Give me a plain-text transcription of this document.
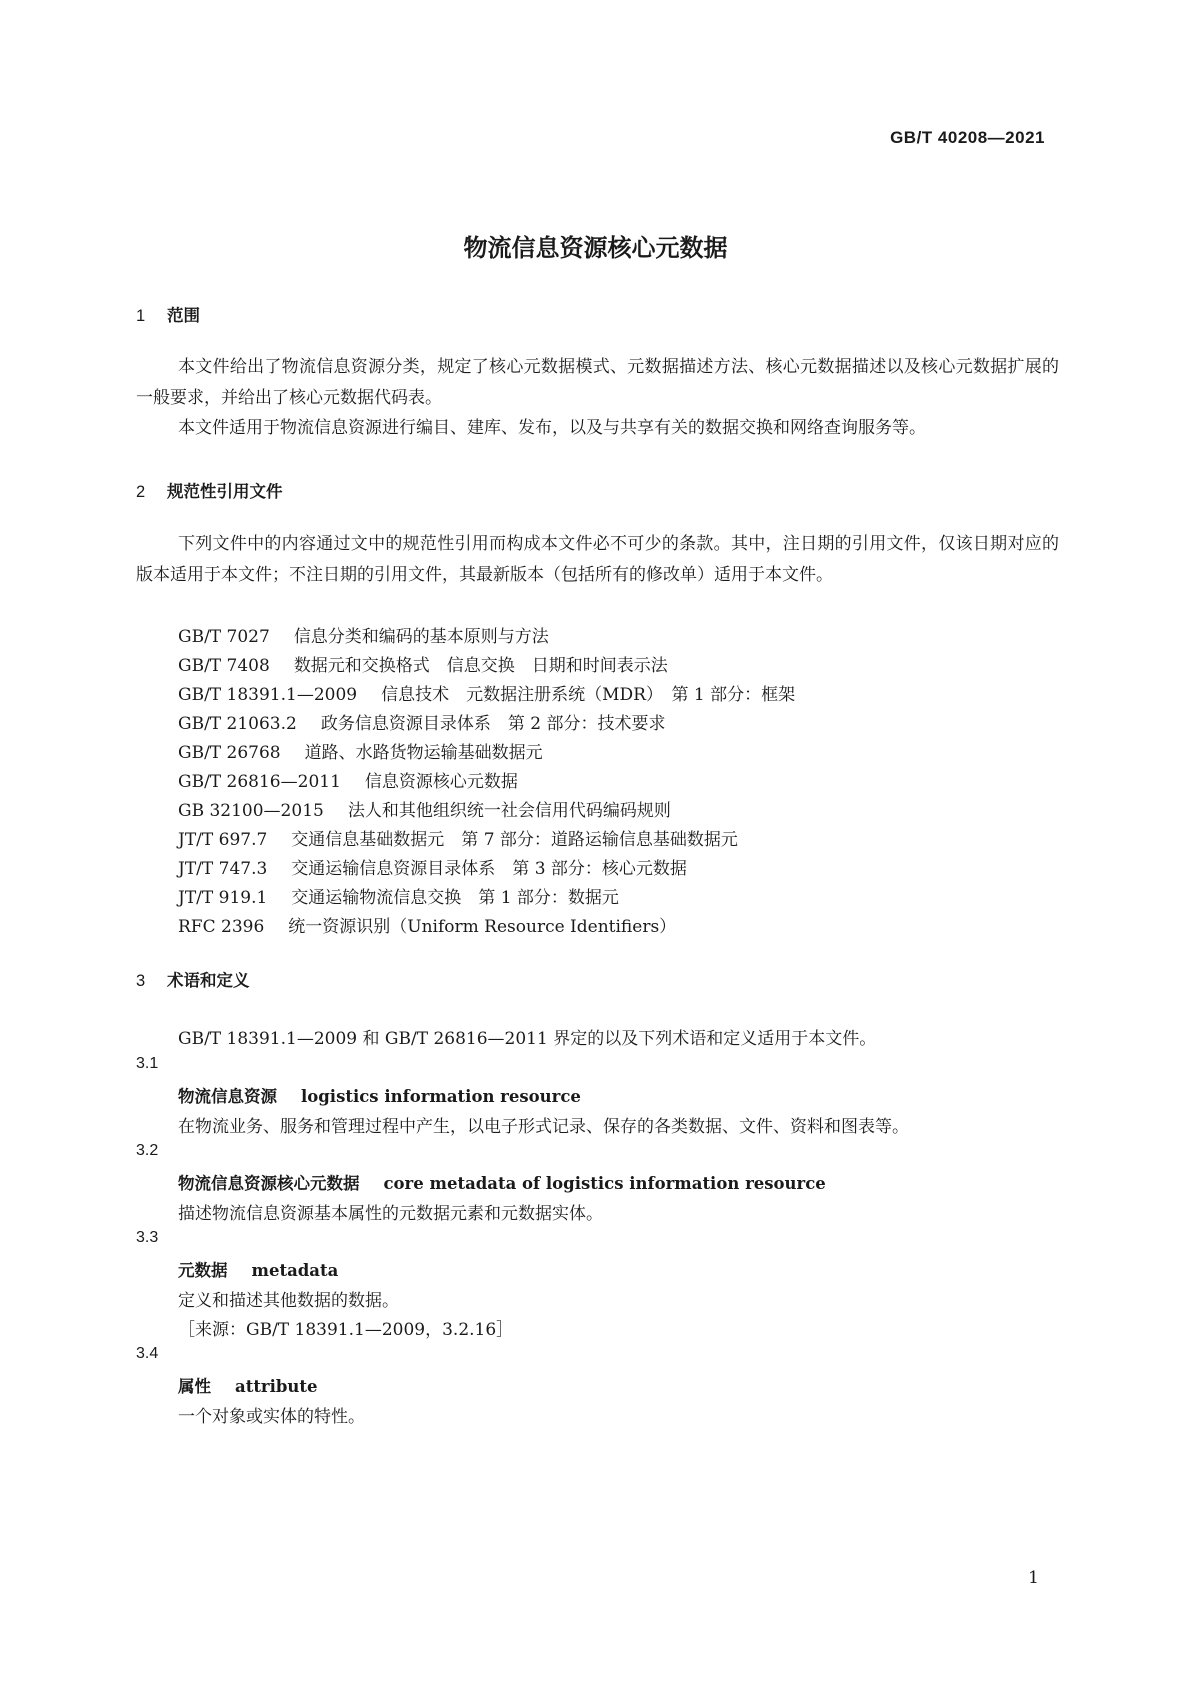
GB/T 40208—2021
物流信息资源核心元数据
1 范围
本文件给出了物流信息资源分类，规定了核心元数据模式、元数据描述方法、核心元数据描述以及核心元数据扩展的一般要求，并给出了核心元数据代码表。
本文件适用于物流信息资源进行编目、建库、发布，以及与共享有关的数据交换和网络查询服务等。
2 规范性引用文件
下列文件中的内容通过文中的规范性引用而构成本文件必不可少的条款。其中，注日期的引用文件，仅该日期对应的版本适用于本文件；不注日期的引用文件，其最新版本（包括所有的修改单）适用于本文件。
GB/T 7027 信息分类和编码的基本原则与方法
GB/T 7408 数据元和交换格式　信息交换　日期和时间表示法
GB/T 18391.1—2009 信息技术　元数据注册系统（MDR）　第 1 部分：框架
GB/T 21063.2 政务信息资源目录体系　第 2 部分：技术要求
GB/T 26768 道路、水路货物运输基础数据元
GB/T 26816—2011 信息资源核心元数据
GB 32100—2015 法人和其他组织统一社会信用代码编码规则
JT/T 697.7 交通信息基础数据元　第 7 部分：道路运输信息基础数据元
JT/T 747.3 交通运输信息资源目录体系　第 3 部分：核心元数据
JT/T 919.1 交通运输物流信息交换　第 1 部分：数据元
RFC 2396 统一资源识别（Uniform Resource Identifiers）
3 术语和定义
GB/T 18391.1—2009 和 GB/T 26816—2011 界定的以及下列术语和定义适用于本文件。
3.1
物流信息资源 logistics information resource
在物流业务、服务和管理过程中产生，以电子形式记录、保存的各类数据、文件、资料和图表等。
3.2
物流信息资源核心元数据 core metadata of logistics information resource
描述物流信息资源基本属性的元数据元素和元数据实体。
3.3
元数据 metadata
定义和描述其他数据的数据。
［来源：GB/T 18391.1—2009，3.2.16］
3.4
属性 attribute
一个对象或实体的特性。
1
